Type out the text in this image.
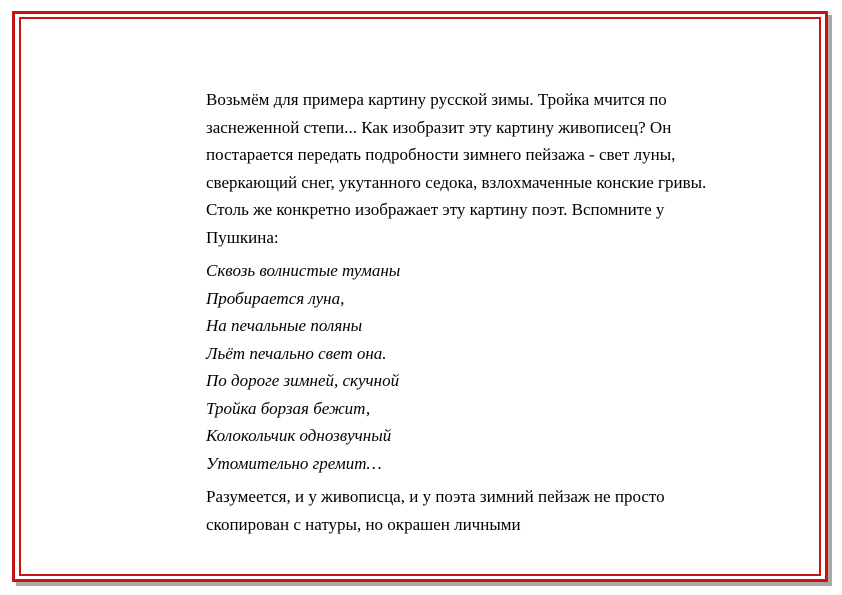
Возьмём для примера картину русской зимы. Тройка мчится по заснеженной степи... Как изобразит эту картину живописец? Он постарается передать подробности зимнего пейзажа - свет луны, сверкающий снег, укутанного седока, взлохмаченные конские гривы. Столь же конкретно изображает эту картину поэт. Вспомните у Пушкина:

Сквозь волнистые туманы
Пробирается луна,
На печальные поляны
Льёт печально свет она.
По дороге зимней, скучной
Тройка борзая бежит,
Колокольчик однозвучный
Утомительно гремит…

Разумеется, и у живописца, и у поэта зимний пейзаж не просто скопирован с натуры, но окрашен личными
